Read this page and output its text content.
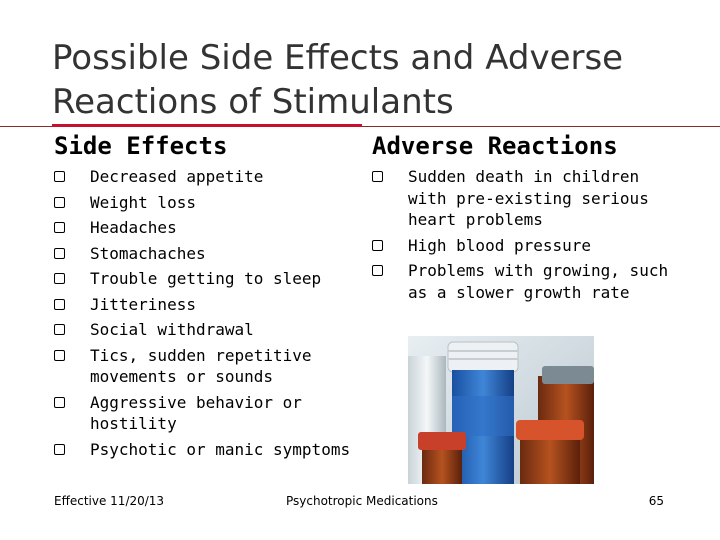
Possible Side Effects and Adverse Reactions of Stimulants
Side Effects	Adverse Reactions
Decreased appetite
Weight loss
Headaches
Stomachaches
Trouble getting to sleep
Jitteriness
Social withdrawal
Tics, sudden repetitive movements or sounds
Aggressive behavior or hostility
Psychotic or manic symptoms
Sudden death in children with pre-existing serious heart problems
High blood pressure
Problems with growing, such as a slower growth rate
Effective 11/20/13	Psychotropic Medications	65
